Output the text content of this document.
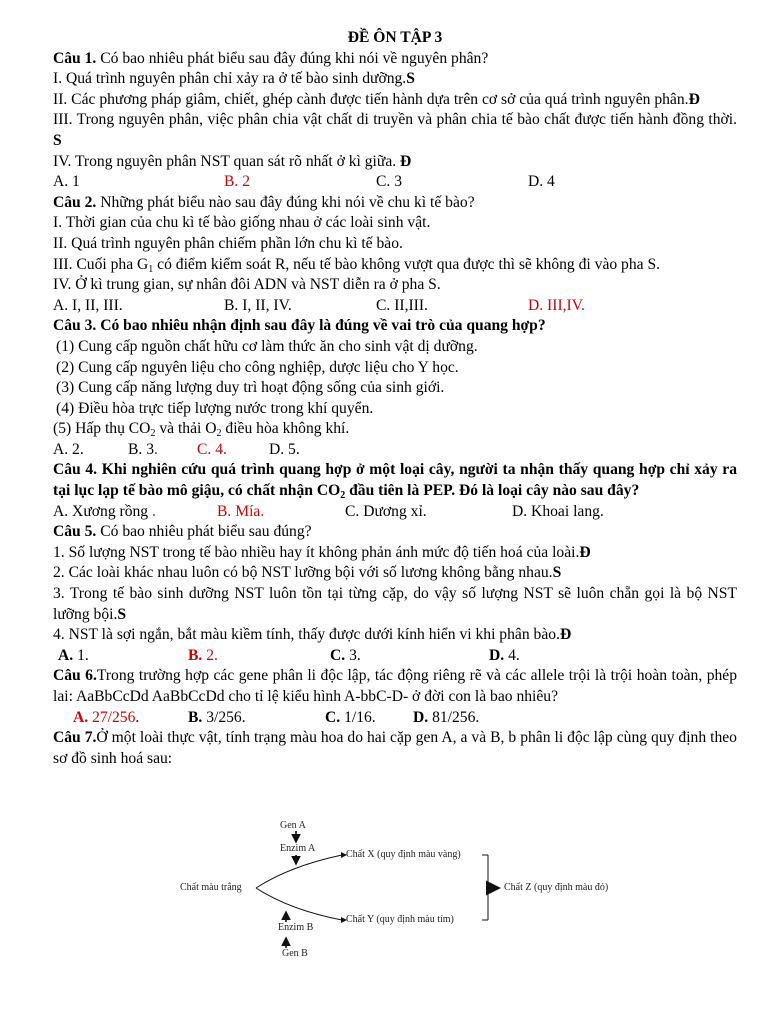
ĐỀ ÔN TẬP 3
Câu 1. Có bao nhiêu phát biểu sau đây đúng khi nói về nguyên phân?
I. Quá trình nguyên phân chỉ xảy ra ở tế bào sinh dưỡng.S
II. Các phương pháp giâm, chiết, ghép cành được tiến hành dựa trên cơ sở của quá trình nguyên phân.Đ
III. Trong nguyên phân, việc phân chia vật chất di truyền và phân chia tế bào chất được tiến hành đồng thời. S
IV. Trong nguyên phân NST quan sát rõ nhất ở kì giữa. Đ
A. 1	B. 2	C. 3	D. 4
Câu 2. Những phát biểu nào sau đây đúng khi nói về chu kì tế bào?
I. Thời gian của chu kì tế bào giống nhau ở các loài sinh vật.
II. Quá trình nguyên phân chiếm phần lớn chu kì tế bào.
III. Cuối pha $G_1$ có điểm kiểm soát R, nếu tế bào không vượt qua được thì sẽ không đi vào pha S.
IV. Ở kì trung gian, sự nhân đôi ADN và NST diễn ra ở pha S.
A. I, II, III.	B. I, II, IV.	C. II,III.	D. III,IV.
Câu 3. Có bao nhiêu nhận định sau đây là đúng về vai trò của quang hợp?
(1) Cung cấp nguồn chất hữu cơ làm thức ăn cho sinh vật dị dưỡng.
(2) Cung cấp nguyên liệu cho công nghiệp, dược liệu cho Y học.
(3) Cung cấp năng lượng duy trì hoạt động sống của sinh giới.
(4) Điều hòa trực tiếp lượng nước trong khí quyển.
(5) Hấp thụ $CO_2$ và thải $O_2$ điều hòa không khí.
A. 2.	B. 3.	C. 4.	D. 5.
Câu 4. Khi nghiên cứu quá trình quang hợp ở một loại cây, người ta nhận thấy quang hợp chỉ xảy ra tại lục lạp tế bào mô giậu, có chất nhận $CO_2$ đầu tiên là PEP. Đó là loại cây nào sau đây?
A. Xương rồng .	B. Mía.	C. Dương xỉ.	D. Khoai lang.
Câu 5. Có bao nhiêu phát biểu sau đúng?
1. Số lượng NST trong tế bào nhiều hay ít không phản ánh mức độ tiến hoá của loài.Đ
2. Các loài khác nhau luôn có bộ NST lưỡng bội với số lương không bằng nhau.S
3. Trong tế bào sinh dưỡng NST luôn tồn tại từng cặp, do vậy số lượng NST sẽ luôn chẵn gọi là bộ NST lưỡng bội.S
4. NST là sợi ngắn, bắt màu kiềm tính, thấy được dưới kính hiển vi khi phân bào.Đ
A. 1.	B. 2.	C. 3.	D. 4.
Câu 6.Trong trường hợp các gene phân li độc lập, tác động riêng rẽ và các allele trội là trội hoàn toàn, phép lai: AaBbCcDd AaBbCcDd cho tỉ lệ kiểu hình A-bbC-D- ở đời con là bao nhiêu?
A. 27/256.	B. 3/256.	C. 1/16. D. 81/256.
Câu 7.Ở một loài thực vật, tính trạng màu hoa do hai cặp gen A, a và B, b phân li độc lập cùng quy định theo sơ đồ sinh hoá sau:
Gen A
Enzim A
Chất X (quy định màu vàng)
Chất màu trắng	Chất Z (quy định màu đỏ)
Chất Y (quy định màu tím)
Enzim B
Gen B
